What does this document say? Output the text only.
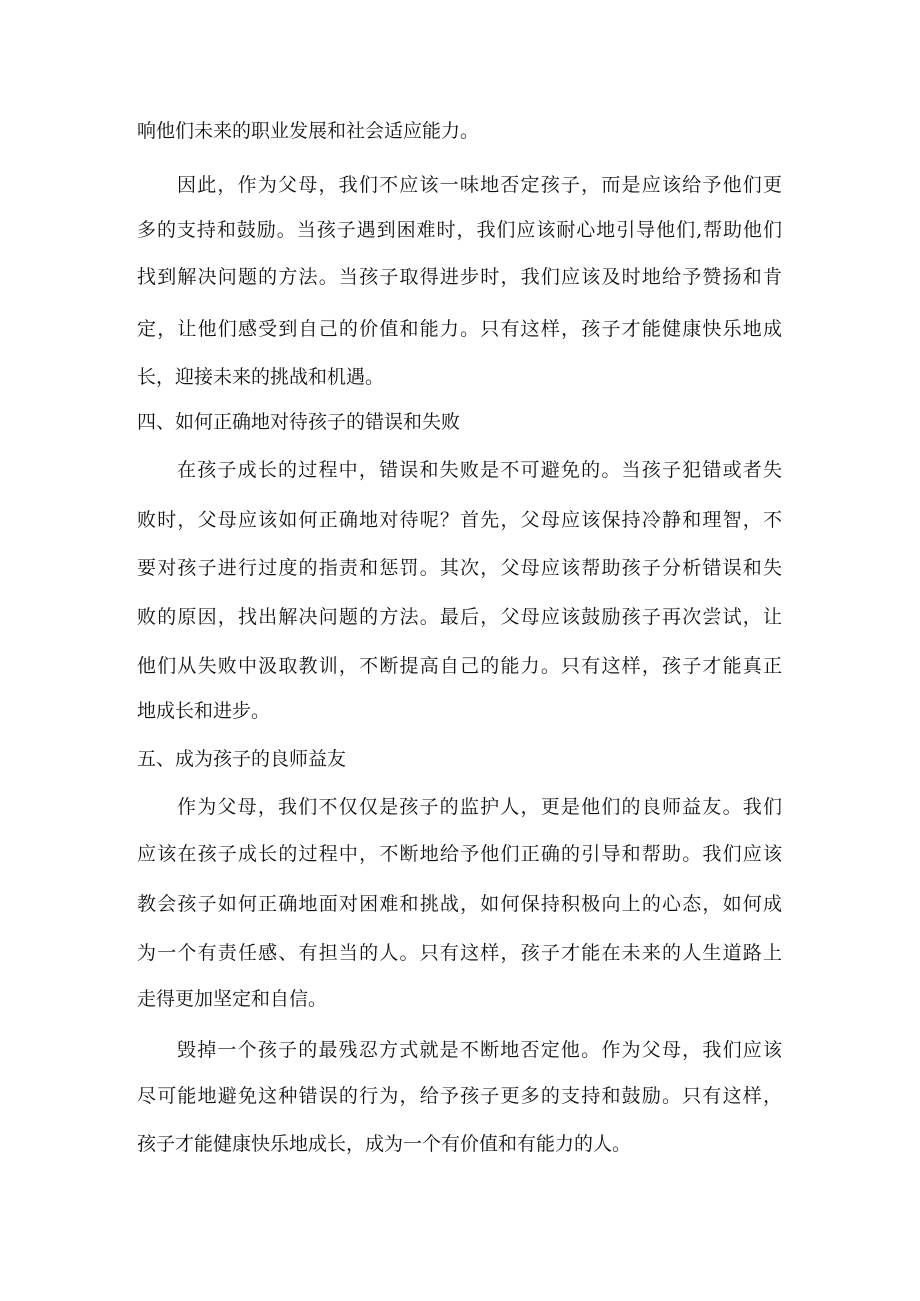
响他们未来的职业发展和社会适应能力。
因此，作为父母，我们不应该一味地否定孩子，而是应该给予他们更
多的支持和鼓励。当孩子遇到困难时，我们应该耐心地引导他们,帮助他们
找到解决问题的方法。当孩子取得进步时，我们应该及时地给予赞扬和肯
定，让他们感受到自己的价值和能力。只有这样，孩子才能健康快乐地成
长，迎接未来的挑战和机遇。
四、如何正确地对待孩子的错误和失败
在孩子成长的过程中，错误和失败是不可避免的。当孩子犯错或者失
败时，父母应该如何正确地对待呢？首先，父母应该保持冷静和理智，不
要对孩子进行过度的指责和惩罚。其次，父母应该帮助孩子分析错误和失
败的原因，找出解决问题的方法。最后，父母应该鼓励孩子再次尝试，让
他们从失败中汲取教训，不断提高自己的能力。只有这样，孩子才能真正
地成长和进步。
五、成为孩子的良师益友
作为父母，我们不仅仅是孩子的监护人，更是他们的良师益友。我们
应该在孩子成长的过程中，不断地给予他们正确的引导和帮助。我们应该
教会孩子如何正确地面对困难和挑战，如何保持积极向上的心态，如何成
为一个有责任感、有担当的人。只有这样，孩子才能在未来的人生道路上
走得更加坚定和自信。
毁掉一个孩子的最残忍方式就是不断地否定他。作为父母，我们应该
尽可能地避免这种错误的行为，给予孩子更多的支持和鼓励。只有这样，
孩子才能健康快乐地成长，成为一个有价值和有能力的人。
